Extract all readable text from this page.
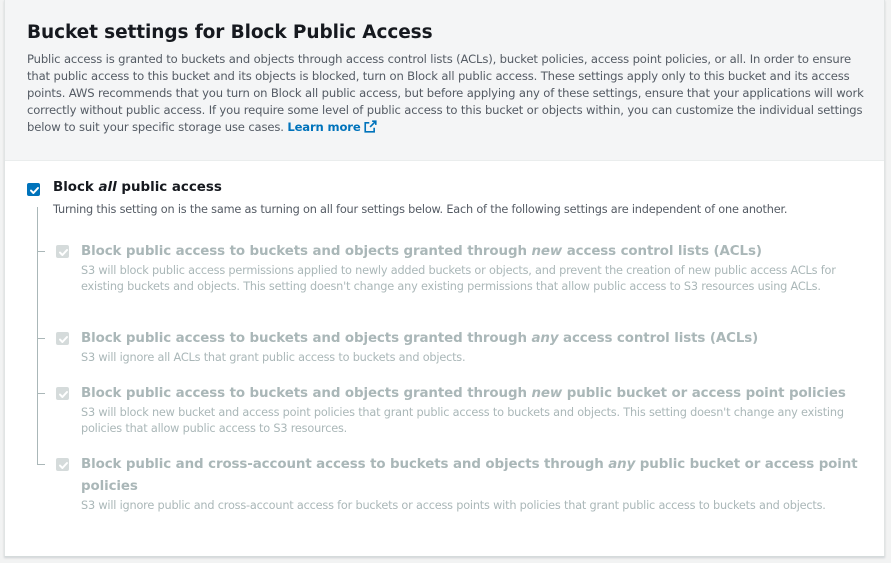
Bucket settings for Block Public Access

Public access is granted to buckets and objects through access control lists (ACLs), bucket policies, access point policies, or all. In order to ensure that public access to this bucket and its objects is blocked, turn on Block all public access. These settings apply only to this bucket and its access points. AWS recommends that you turn on Block all public access, but before applying any of these settings, ensure that your applications will work correctly without public access. If you require some level of public access to this bucket or objects within, you can customize the individual settings below to suit your specific storage use cases. Learn more

Block all public access
Turning this setting on is the same as turning on all four settings below. Each of the following settings are independent of one another.
Block public access to buckets and objects granted through new access control lists (ACLs)
S3 will block public access permissions applied to newly added buckets or objects, and prevent the creation of new public access ACLs for existing buckets and objects. This setting doesn't change any existing permissions that allow public access to S3 resources using ACLs.
Block public access to buckets and objects granted through any access control lists (ACLs)
S3 will ignore all ACLs that grant public access to buckets and objects.
Block public access to buckets and objects granted through new public bucket or access point policies
S3 will block new bucket and access point policies that grant public access to buckets and objects. This setting doesn't change any existing policies that allow public access to S3 resources.
Block public and cross-account access to buckets and objects through any public bucket or access point policies
S3 will ignore public and cross-account access for buckets or access points with policies that grant public access to buckets and objects.
